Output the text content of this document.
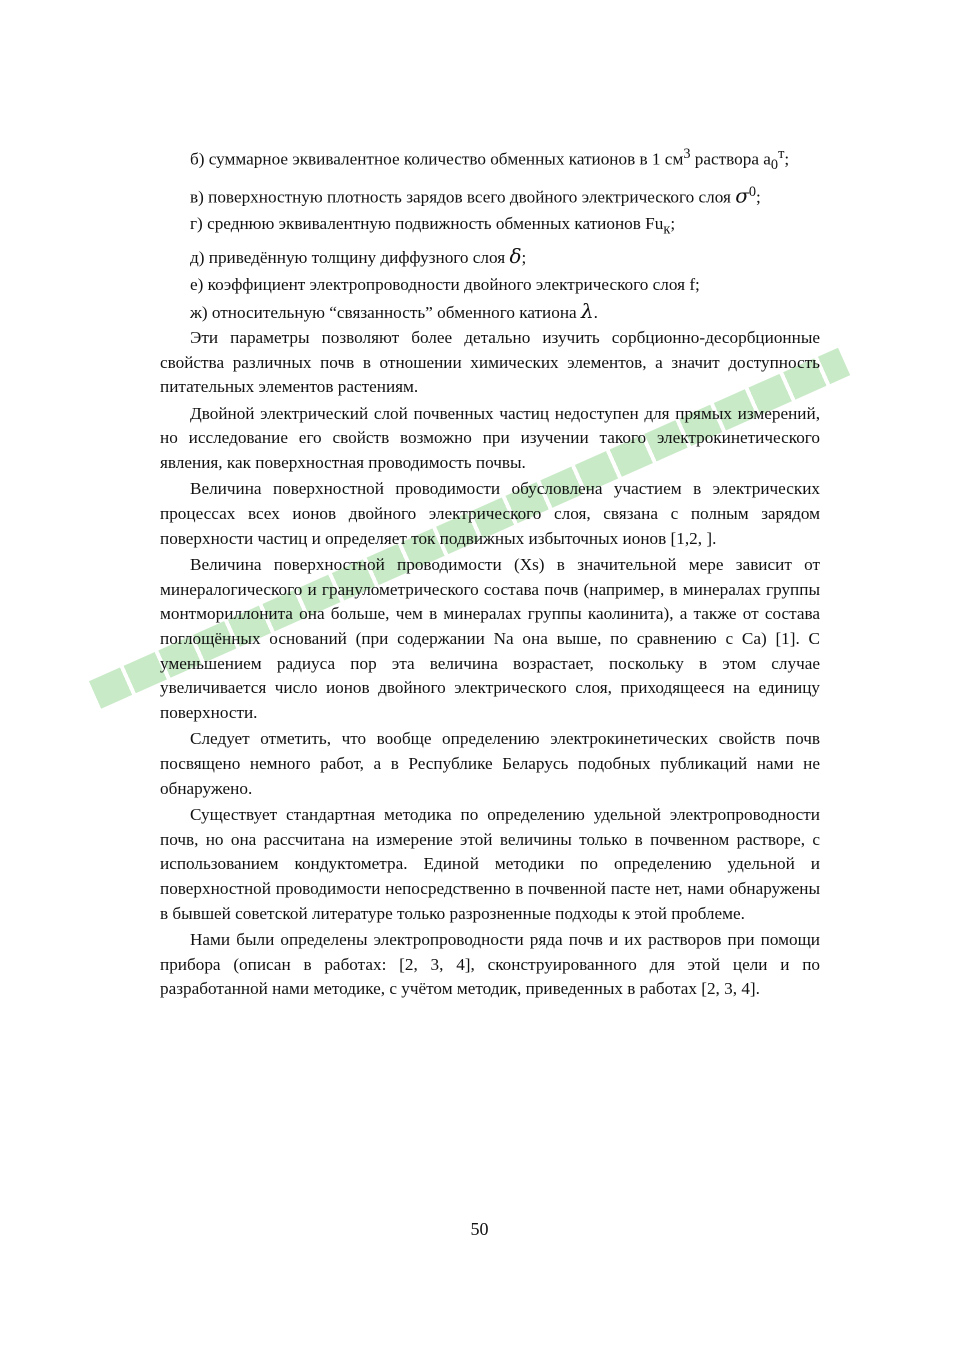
б) суммарное эквивалентное количество обменных катионов в 1 $см^3$ раствора $a_0^т$;

в) поверхностную плотность зарядов всего двойного электрического слоя $\sigma^0$;

г) среднюю эквивалентную подвижность обменных катионов $Fu_к$;

д) приведённую толщину диффузного слоя δ;

е) коэффициент электропроводности двойного электрического слоя f;

ж) относительную “связанность” обменного катиона λ.

Эти параметры позволяют более детально изучить сорбционно-десорбционные свойства различных почв в отношении химических элементов, а значит доступность питательных элементов растениям.

Двойной электрический слой почвенных частиц недоступен для прямых измерений, но исследование его свойств возможно при изучении такого электрокинетического явления, как поверхностная проводимость почвы.

Величина поверхностной проводимости обусловлена участием в электрических процессах всех ионов двойного электрического слоя, связана с полным зарядом поверхности частиц и определяет ток подвижных избыточных ионов [1,2, ].

Величина поверхностной проводимости (Xs) в значительной мере зависит от минералогического и гранулометрического состава почв (например, в минералах группы монтмориллонита она больше, чем в минералах группы каолинита), а также от состава поглощённых оснований (при содержании Na она выше, по сравнению с Ca) [1]. С уменьшением радиуса пор эта величина возрастает, поскольку в этом случае увеличивается число ионов двойного электрического слоя, приходящееся на единицу поверхности.

Следует отметить, что вообще определению электрокинетических свойств почв посвящено немного работ, а в Республике Беларусь подобных публикаций нами не обнаружено.

Существует стандартная методика по определению удельной электропроводности почв, но она рассчитана на измерение этой величины только в почвенном растворе, с использованием кондуктометра. Единой методики по определению удельной и поверхностной проводимости непосредственно в почвенной пасте нет, нами обнаружены в бывшей советской литературе только разрозненные подходы к этой проблеме.

Нами были определены электропроводности ряда почв и их растворов при помощи прибора (описан в работах: [2, 3, 4], сконструированного для этой цели и по разработанной нами методике, с учётом методик, приведенных в работах [2, 3, 4].

50
